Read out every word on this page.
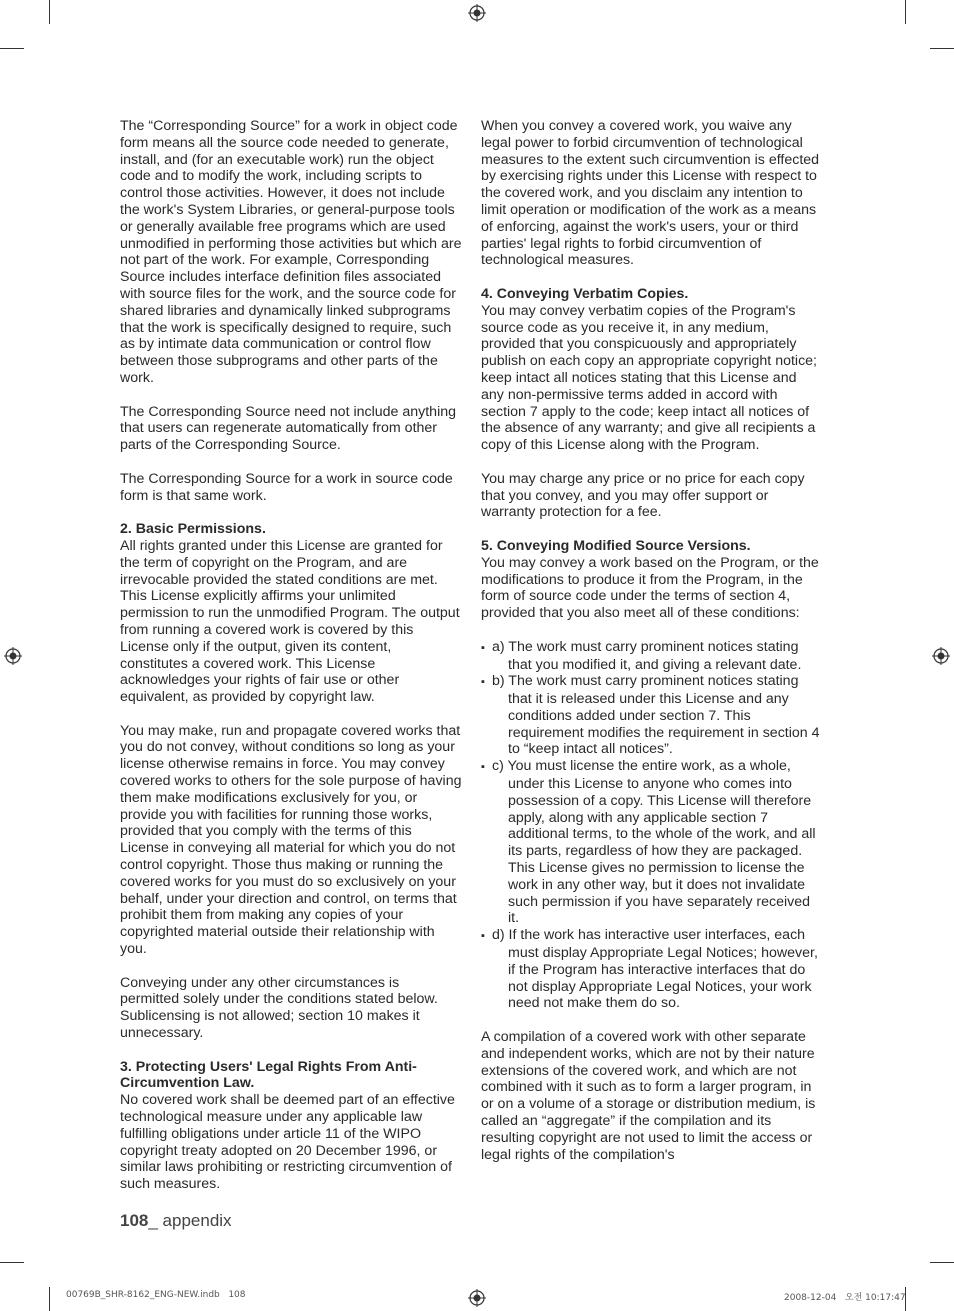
The “Corresponding Source” for a work in object code form means all the source code needed to generate, install, and (for an executable work) run the object code and to modify the work, including scripts to control those activities. However, it does not include the work's System Libraries, or general-purpose tools or generally available free programs which are used unmodified in performing those activities but which are not part of the work. For example, Corresponding Source includes interface definition files associated with source files for the work, and the source code for shared libraries and dynamically linked subprograms that the work is specifically designed to require, such as by intimate data communication or control flow between those subprograms and other parts of the work.

The Corresponding Source need not include anything that users can regenerate automatically from other parts of the Corresponding Source.

The Corresponding Source for a work in source code form is that same work.

2. Basic Permissions.

All rights granted under this License are granted for the term of copyright on the Program, and are irrevocable provided the stated conditions are met. This License explicitly affirms your unlimited permission to run the unmodified Program. The output from running a covered work is covered by this License only if the output, given its content, constitutes a covered work. This License acknowledges your rights of fair use or other equivalent, as provided by copyright law.

You may make, run and propagate covered works that you do not convey, without conditions so long as your license otherwise remains in force. You may convey covered works to others for the sole purpose of having them make modifications exclusively for you, or provide you with facilities for running those works, provided that you comply with the terms of this License in conveying all material for which you do not control copyright. Those thus making or running the covered works for you must do so exclusively on your behalf, under your direction and control, on terms that prohibit them from making any copies of your copyrighted material outside their relationship with you.

Conveying under any other circumstances is permitted solely under the conditions stated below. Sublicensing is not allowed; section 10 makes it unnecessary.

3. Protecting Users' Legal Rights From Anti-Circumvention Law.

No covered work shall be deemed part of an effective technological measure under any applicable law fulfilling obligations under article 11 of the WIPO copyright treaty adopted on 20 December 1996, or similar laws prohibiting or restricting circumvention of such measures.

When you convey a covered work, you waive any legal power to forbid circumvention of technological measures to the extent such circumvention is effected by exercising rights under this License with respect to the covered work, and you disclaim any intention to limit operation or modification of the work as a means of enforcing, against the work's users, your or third parties' legal rights to forbid circumvention of technological measures.

4. Conveying Verbatim Copies.

You may convey verbatim copies of the Program's source code as you receive it, in any medium, provided that you conspicuously and appropriately publish on each copy an appropriate copyright notice; keep intact all notices stating that this License and any non-permissive terms added in accord with section 7 apply to the code; keep intact all notices of the absence of any warranty; and give all recipients a copy of this License along with the Program.

You may charge any price or no price for each copy that you convey, and you may offer support or warranty protection for a fee.

5. Conveying Modified Source Versions.

You may convey a work based on the Program, or the modifications to produce it from the Program, in the form of source code under the terms of section 4, provided that you also meet all of these conditions:

▪ a) The work must carry prominent notices stating that you modified it, and giving a relevant date.
▪ b) The work must carry prominent notices stating that it is released under this License and any conditions added under section 7. This requirement modifies the requirement in section 4 to “keep intact all notices”.
▪ c) You must license the entire work, as a whole, under this License to anyone who comes into possession of a copy. This License will therefore apply, along with any applicable section 7 additional terms, to the whole of the work, and all its parts, regardless of how they are packaged. This License gives no permission to license the work in any other way, but it does not invalidate such permission if you have separately received it.
▪ d) If the work has interactive user interfaces, each must display Appropriate Legal Notices; however, if the Program has interactive interfaces that do not display Appropriate Legal Notices, your work need not make them do so.

A compilation of a covered work with other separate and independent works, which are not by their nature extensions of the covered work, and which are not combined with it such as to form a larger program, in or on a volume of a storage or distribution medium, is called an “aggregate” if the compilation and its resulting copyright are not used to limit the access or legal rights of the compilation's

108_ appendix
00769B_SHR-8162_ENG-NEW.indb   108	2008-12-04   오전 10:17:47
